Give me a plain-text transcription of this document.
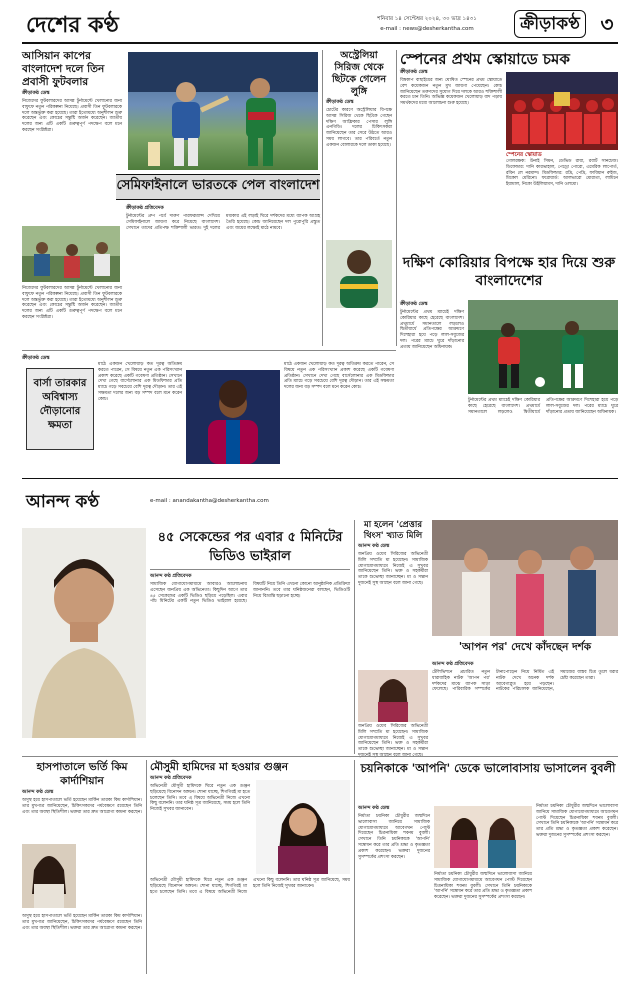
দেশের কণ্ঠ	শনিবার ১৪ সেপ্টেম্বর ২০২৪, ৩০ ভাদ্র ১৪৩১
e-mail : news@desherkantha.com	ক্রীড়াকণ্ঠ ৩
আসিয়ান কাপের বাংলাদেশ দলে তিন প্রবাসী ফুটবলার
ক্রীড়াকণ্ঠ ডেস্ক
নিজেদের ফুটবলারদের আসন্ন টুর্নামেন্টে খেলানোর জন্য বাফুফে নতুন পরিকল্পনা নিয়েছে। প্রবাসী তিন ফুটবলারকে দলে অন্তর্ভুক্ত করা হয়েছে। তারা ইতোমধ্যে অনুশীলন শুরু করেছেন এবং কোচের সন্তুষ্টি অর্জন করেছেন। জাতীয় দলের জন্য এটি একটি গুরুত্বপূর্ণ পদক্ষেপ বলে মনে করছেন সংশ্লিষ্টরা।
অস্ট্রেলিয়া সিরিজ থেকে ছিটকে গেলেন লুঙ্গি
ক্রীড়াকণ্ঠ ডেস্ক
চোটের কারণে অস্ট্রেলিয়ার বিপক্ষে আসন্ন সিরিজ থেকে ছিটকে গেছেন দক্ষিণ আফ্রিকার পেসার লুঙ্গি এনগিডি। দলের চিকিৎসকরা জানিয়েছেন তার সেরে উঠতে আরও সময় লাগবে। তার পরিবর্তে নতুন একজন বোলারকে দলে ডাকা হয়েছে।
স্পেনের প্রথম স্কোয়াডে চমক
ক্রীড়াকণ্ঠ ডেস্ক
বিশ্বকাপ বাছাইয়ের জন্য ঘোষিত স্পেনের প্রথম স্কোয়াডে বেশ কয়েকজন নতুন মুখ জায়গা পেয়েছেন। কোচ জানিয়েছেন তরুণদের সুযোগ দিয়ে দলকে আরও শক্তিশালী করতে চান তিনি। অভিজ্ঞ কয়েকজন খেলোয়াড় বাদ পড়ায় সমর্থকদের মধ্যে আলোচনা শুরু হয়েছে।
স্পেনের স্কোয়াড
গোলরক্ষক: উনাই সিমন, ডেভিড রায়া, রবার্ট সানচেজ। ডিফেন্ডার: দানি কারভাহাল, পেড্রো পোরো, এমেরিক লাপোর্ত, রবিন লে নরমান্দ। মিডফিল্ডার: রদ্রি, পেদ্রি, ফাবিয়ান রুইজ, মিকেল মেরিনো। ফরোয়ার্ড: আলভারো মোরাতা, লামিনে ইয়ামাল, নিকো উইলিয়ামস, দানি ওলমো।
সেমিফাইনালে ভারতকে পেল বাংলাদেশ
ক্রীড়াকণ্ঠ প্রতিবেদক
টুর্নামেন্টের গ্রুপ পর্বে দারুণ পারফরম্যান্স দেখিয়ে সেমিফাইনালে জায়গা করে নিয়েছে বাংলাদেশ। সেখানে তাদের প্রতিপক্ষ শক্তিশালী ভারত। দুই দলের মধ্যকার এই লড়াই ঘিরে দর্শকদের মধ্যে ব্যাপক আগ্রহ তৈরি হয়েছে। কোচ জানিয়েছেন দল পুরোপুরি প্রস্তুত এবং জয়ের লক্ষ্যেই মাঠে নামবে।
নিজেদের ফুটবলারদের আসন্ন টুর্নামেন্টে খেলানোর জন্য বাফুফে নতুন পরিকল্পনা নিয়েছে। প্রবাসী তিন ফুটবলারকে দলে অন্তর্ভুক্ত করা হয়েছে। তারা ইতোমধ্যে অনুশীলন শুরু করেছেন এবং কোচের সন্তুষ্টি অর্জন করেছেন। জাতীয় দলের জন্য এটি একটি গুরুত্বপূর্ণ পদক্ষেপ বলে মনে করছেন সংশ্লিষ্টরা।
দক্ষিণ কোরিয়ার বিপক্ষে হার দিয়ে শুরু বাংলাদেশের
ক্রীড়াকণ্ঠ ডেস্ক
টুর্নামেন্টের প্রথম ম্যাচেই দক্ষিণ কোরিয়ার কাছে হেরেছে বাংলাদেশ। প্রথমার্ধে সমানতালে লড়লেও দ্বিতীয়ার্ধে প্রতিপক্ষের আক্রমণে দিশেহারা হয়ে পড়ে লাল-সবুজের দল। পরের ম্যাচে ঘুরে দাঁড়ানোর প্রত্যয় জানিয়েছেন অধিনায়ক।
টুর্নামেন্টের প্রথম ম্যাচেই দক্ষিণ কোরিয়ার কাছে হেরেছে বাংলাদেশ। প্রথমার্ধে সমানতালে লড়লেও দ্বিতীয়ার্ধে প্রতিপক্ষের আক্রমণে দিশেহারা হয়ে পড়ে লাল-সবুজের দল। পরের ম্যাচে ঘুরে দাঁড়ানোর প্রত্যয় জানিয়েছেন অধিনায়ক।
ক্রীড়াকণ্ঠ ডেস্ক
বার্সা তারকার অবিশ্বাস্য দৌড়ানোর ক্ষমতা
মাঠে একজন খেলোয়াড় কত দূরত্ব অতিক্রম করতে পারেন, সে বিষয়ে নতুন এক পরিসংখ্যান প্রকাশ করেছে একটি গবেষণা প্রতিষ্ঠান। সেখানে দেখা গেছে বার্সেলোনার এক মিডফিল্ডার প্রতি ম্যাচে গড়ে সবচেয়ে বেশি দূরত্ব দৌড়ান। তার এই সক্ষমতা দলের জন্য বড় সম্পদ বলে মনে করেন কোচ।
মাঠে একজন খেলোয়াড় কত দূরত্ব অতিক্রম করতে পারেন, সে বিষয়ে নতুন এক পরিসংখ্যান প্রকাশ করেছে একটি গবেষণা প্রতিষ্ঠান। সেখানে দেখা গেছে বার্সেলোনার এক মিডফিল্ডার প্রতি ম্যাচে গড়ে সবচেয়ে বেশি দূরত্ব দৌড়ান। তার এই সক্ষমতা দলের জন্য বড় সম্পদ বলে মনে করেন কোচ।
আনন্দ কণ্ঠ	e-mail : anandakantha@desherkantha.com
৪৫ সেকেন্ডের পর এবার ৫ মিনিটের ভিডিও ভাইরাল
আনন্দ কণ্ঠ প্রতিবেদক
সামাজিক যোগাযোগমাধ্যমে আবারও আলোচনায় এসেছেন জনপ্রিয় এক অভিনেতা। কিছুদিন আগে তার ৪৫ সেকেন্ডের একটি ভিডিও ছড়িয়ে পড়েছিল। এবার পাঁচ মিনিটের একটি নতুন ভিডিও ভাইরাল হয়েছে। বিষয়টি নিয়ে তিনি এখনো কোনো আনুষ্ঠানিক প্রতিক্রিয়া জানাননি। তবে তার ঘনিষ্ঠজনেরা বলছেন, ভিডিওটি নিয়ে বিভ্রান্তি ছড়ানো হচ্ছে।
মা হলেন 'প্রেত্তার থিংস' খ্যাত মিলি
আনন্দ কণ্ঠ ডেস্ক
জনপ্রিয় ওয়েব সিরিজের অভিনেত্রী মিলি সম্প্রতি মা হয়েছেন। সামাজিক যোগাযোগমাধ্যমে নিজেই এ সুখবর জানিয়েছেন তিনি। ভক্ত ও সহকর্মীরা তাকে শুভেচ্ছা জানাচ্ছেন। মা ও সন্তান দুজনেই সুস্থ আছেন বলে জানা গেছে।
জনপ্রিয় ওয়েব সিরিজের অভিনেত্রী মিলি সম্প্রতি মা হয়েছেন। সামাজিক যোগাযোগমাধ্যমে নিজেই এ সুখবর জানিয়েছেন তিনি। ভক্ত ও সহকর্মীরা তাকে শুভেচ্ছা জানাচ্ছেন। মা ও সন্তান দুজনেই সুস্থ আছেন বলে জানা গেছে।
'আপন পর' দেখে কাঁদছেন দর্শক
আনন্দ কণ্ঠ প্রতিবেদক
টেলিভিশনে প্রচারিত নতুন ধারাবাহিক নাটক 'আপন পর' দর্শকদের মাঝে ব্যাপক সাড়া ফেলেছে। পারিবারিক সম্পর্কের টানাপোড়েন নিয়ে নির্মিত এই নাটক দেখে অনেক দর্শক আবেগাপ্লুত হয়ে পড়ছেন। নাটকের পরিচালক জানিয়েছেন, সমাজের বাস্তব চিত্র তুলে ধরার চেষ্টা করেছেন তারা।
হাসপাতালে ভর্তি কিম কার্দাশিয়ান
আনন্দ কণ্ঠ ডেস্ক
অসুস্থ হয়ে হাসপাতালে ভর্তি হয়েছেন মার্কিন তারকা কিম কার্দাশিয়ান। তার মুখপাত্র জানিয়েছেন, চিকিৎসকদের পর্যবেক্ষণে রয়েছেন তিনি এবং তার অবস্থা স্থিতিশীল। ভক্তরা তার দ্রুত আরোগ্য কামনা করছেন।
অসুস্থ হয়ে হাসপাতালে ভর্তি হয়েছেন মার্কিন তারকা কিম কার্দাশিয়ান। তার মুখপাত্র জানিয়েছেন, চিকিৎসকদের পর্যবেক্ষণে রয়েছেন তিনি এবং তার অবস্থা স্থিতিশীল। ভক্তরা তার দ্রুত আরোগ্য কামনা করছেন।
মৌসুমী হামিদের মা হওয়ার গুঞ্জন
আনন্দ কণ্ঠ প্রতিবেদক
অভিনেত্রী মৌসুমী হামিদকে ঘিরে নতুন এক গুঞ্জন ছড়িয়েছে বিনোদন অঙ্গনে। শোনা যাচ্ছে, শিগগিরই মা হতে চলেছেন তিনি। তবে এ বিষয়ে অভিনেত্রী নিজে এখনো কিছু বলেননি। তার ঘনিষ্ঠ সূত্র জানিয়েছে, সময় হলে তিনি নিজেই সুখবর জানাবেন।
অভিনেত্রী মৌসুমী হামিদকে ঘিরে নতুন এক গুঞ্জন ছড়িয়েছে বিনোদন অঙ্গনে। শোনা যাচ্ছে, শিগগিরই মা হতে চলেছেন তিনি। তবে এ বিষয়ে অভিনেত্রী নিজে এখনো কিছু বলেননি। তার ঘনিষ্ঠ সূত্র জানিয়েছে, সময় হলে তিনি নিজেই সুখবর জানাবেন।
চয়নিকাকে 'আপনি' ডেকে ভালোবাসায় ভাসালেন বুবলী
আনন্দ কণ্ঠ ডেস্ক
নির্মাতা চয়নিকা চৌধুরীর জন্মদিনে ভালোবাসা জানিয়ে সামাজিক যোগাযোগমাধ্যমে আবেগঘন পোস্ট দিয়েছেন চিত্রনায়িকা শবনম বুবলী। সেখানে তিনি চয়নিকাকে 'আপনি' সম্বোধন করে তার প্রতি শ্রদ্ধা ও কৃতজ্ঞতা প্রকাশ করেছেন। ভক্তরা দুজনের সুসম্পর্কের প্রশংসা করছেন।
নির্মাতা চয়নিকা চৌধুরীর জন্মদিনে ভালোবাসা জানিয়ে সামাজিক যোগাযোগমাধ্যমে আবেগঘন পোস্ট দিয়েছেন চিত্রনায়িকা শবনম বুবলী। সেখানে তিনি চয়নিকাকে 'আপনি' সম্বোধন করে তার প্রতি শ্রদ্ধা ও কৃতজ্ঞতা প্রকাশ করেছেন। ভক্তরা দুজনের সুসম্পর্কের প্রশংসা করছেন।
নির্মাতা চয়নিকা চৌধুরীর জন্মদিনে ভালোবাসা জানিয়ে সামাজিক যোগাযোগমাধ্যমে আবেগঘন পোস্ট দিয়েছেন চিত্রনায়িকা শবনম বুবলী। সেখানে তিনি চয়নিকাকে 'আপনি' সম্বোধন করে তার প্রতি শ্রদ্ধা ও কৃতজ্ঞতা প্রকাশ করেছেন। ভক্তরা দুজনের সুসম্পর্কের প্রশংসা করছেন।
